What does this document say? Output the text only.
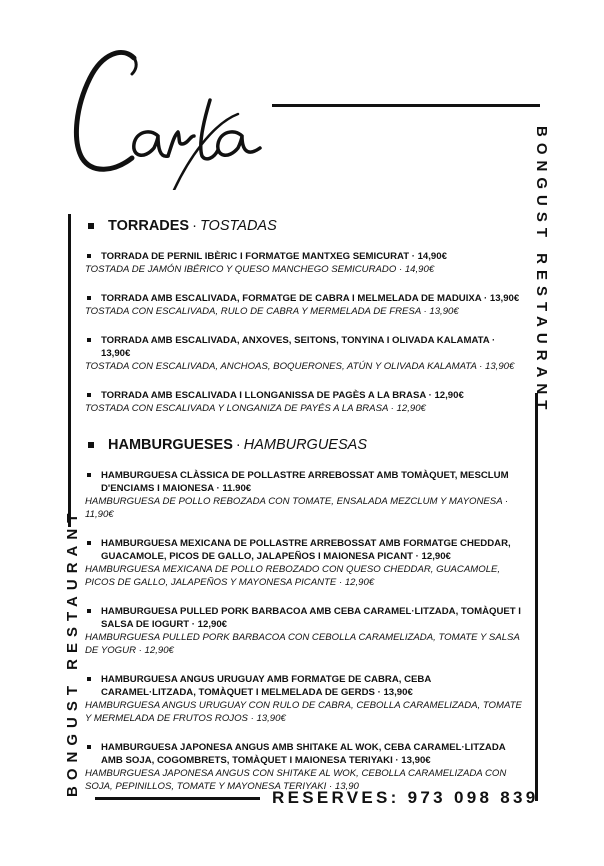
BONGUST RESTAURANT
BONGUST RESTAURANT
TORRADES · TOSTADAS
TORRADA DE PERNIL IBÈRIC I FORMATGE MANTXEG SEMICURAT · 14,90€
TOSTADA DE JAMÓN IBÉRICO Y QUESO MANCHEGO SEMICURADO · 14,90€
TORRADA AMB ESCALIVADA, FORMATGE DE CABRA I MELMELADA DE MADUIXA · 13,90€
TOSTADA CON ESCALIVADA, RULO DE CABRA Y MERMELADA DE FRESA · 13,90€
TORRADA AMB ESCALIVADA, ANXOVES, SEITONS, TONYINA I OLIVADA KALAMATA · 13,90€
TOSTADA CON ESCALIVADA, ANCHOAS, BOQUERONES, ATÚN Y OLIVADA KALAMATA · 13,90€
TORRADA AMB ESCALIVADA I LLONGANISSA DE PAGÈS A LA BRASA · 12,90€
TOSTADA CON ESCALIVADA Y LONGANIZA DE PAYÉS A LA BRASA · 12,90€
HAMBURGUESES · HAMBURGUESAS
HAMBURGUESA CLÀSSICA DE POLLASTRE ARREBOSSAT AMB TOMÀQUET, MESCLUM D'ENCIAMS I MAIONESA · 11.90€
HAMBURGUESA DE POLLO REBOZADA CON TOMATE, ENSALADA MEZCLUM Y MAYONESA · 11,90€
HAMBURGUESA MEXICANA DE POLLASTRE ARREBOSSAT AMB FORMATGE CHEDDAR, GUACAMOLE, PICOS DE GALLO, JALAPEÑOS I MAIONESA PICANT · 12,90€
HAMBURGUESA MEXICANA DE POLLO REBOZADO CON QUESO CHEDDAR, GUACAMOLE, PICOS DE GALLO, JALAPEÑOS Y MAYONESA PICANTE · 12,90€
HAMBURGUESA PULLED PORK BARBACOA AMB CEBA CARAMEL·LITZADA, TOMÀQUET I SALSA DE IOGURT · 12,90€
HAMBURGUESA PULLED PORK BARBACOA CON CEBOLLA CARAMELIZADA, TOMATE Y SALSA DE YOGUR · 12,90€
HAMBURGUESA ANGUS URUGUAY AMB FORMATGE DE CABRA, CEBA CARAMEL·LITZADA, TOMÀQUET I MELMELADA DE GERDS · 13,90€
HAMBURGUESA ANGUS URUGUAY CON RULO DE CABRA, CEBOLLA CARAMELIZADA, TOMATE Y MERMELADA DE FRUTOS ROJOS · 13,90€
HAMBURGUESA JAPONESA ANGUS AMB SHITAKE AL WOK, CEBA CARAMEL·LITZADA AMB SOJA, COGOMBRETS, TOMÀQUET I MAIONESA TERIYAKI · 13,90€
HAMBURGUESA JAPONESA ANGUS CON SHITAKE AL WOK, CEBOLLA CARAMELIZADA CON SOJA, PEPINILLOS, TOMATE Y MAYONESA TERIYAKI · 13,90
RESERVES: 973 098 839
